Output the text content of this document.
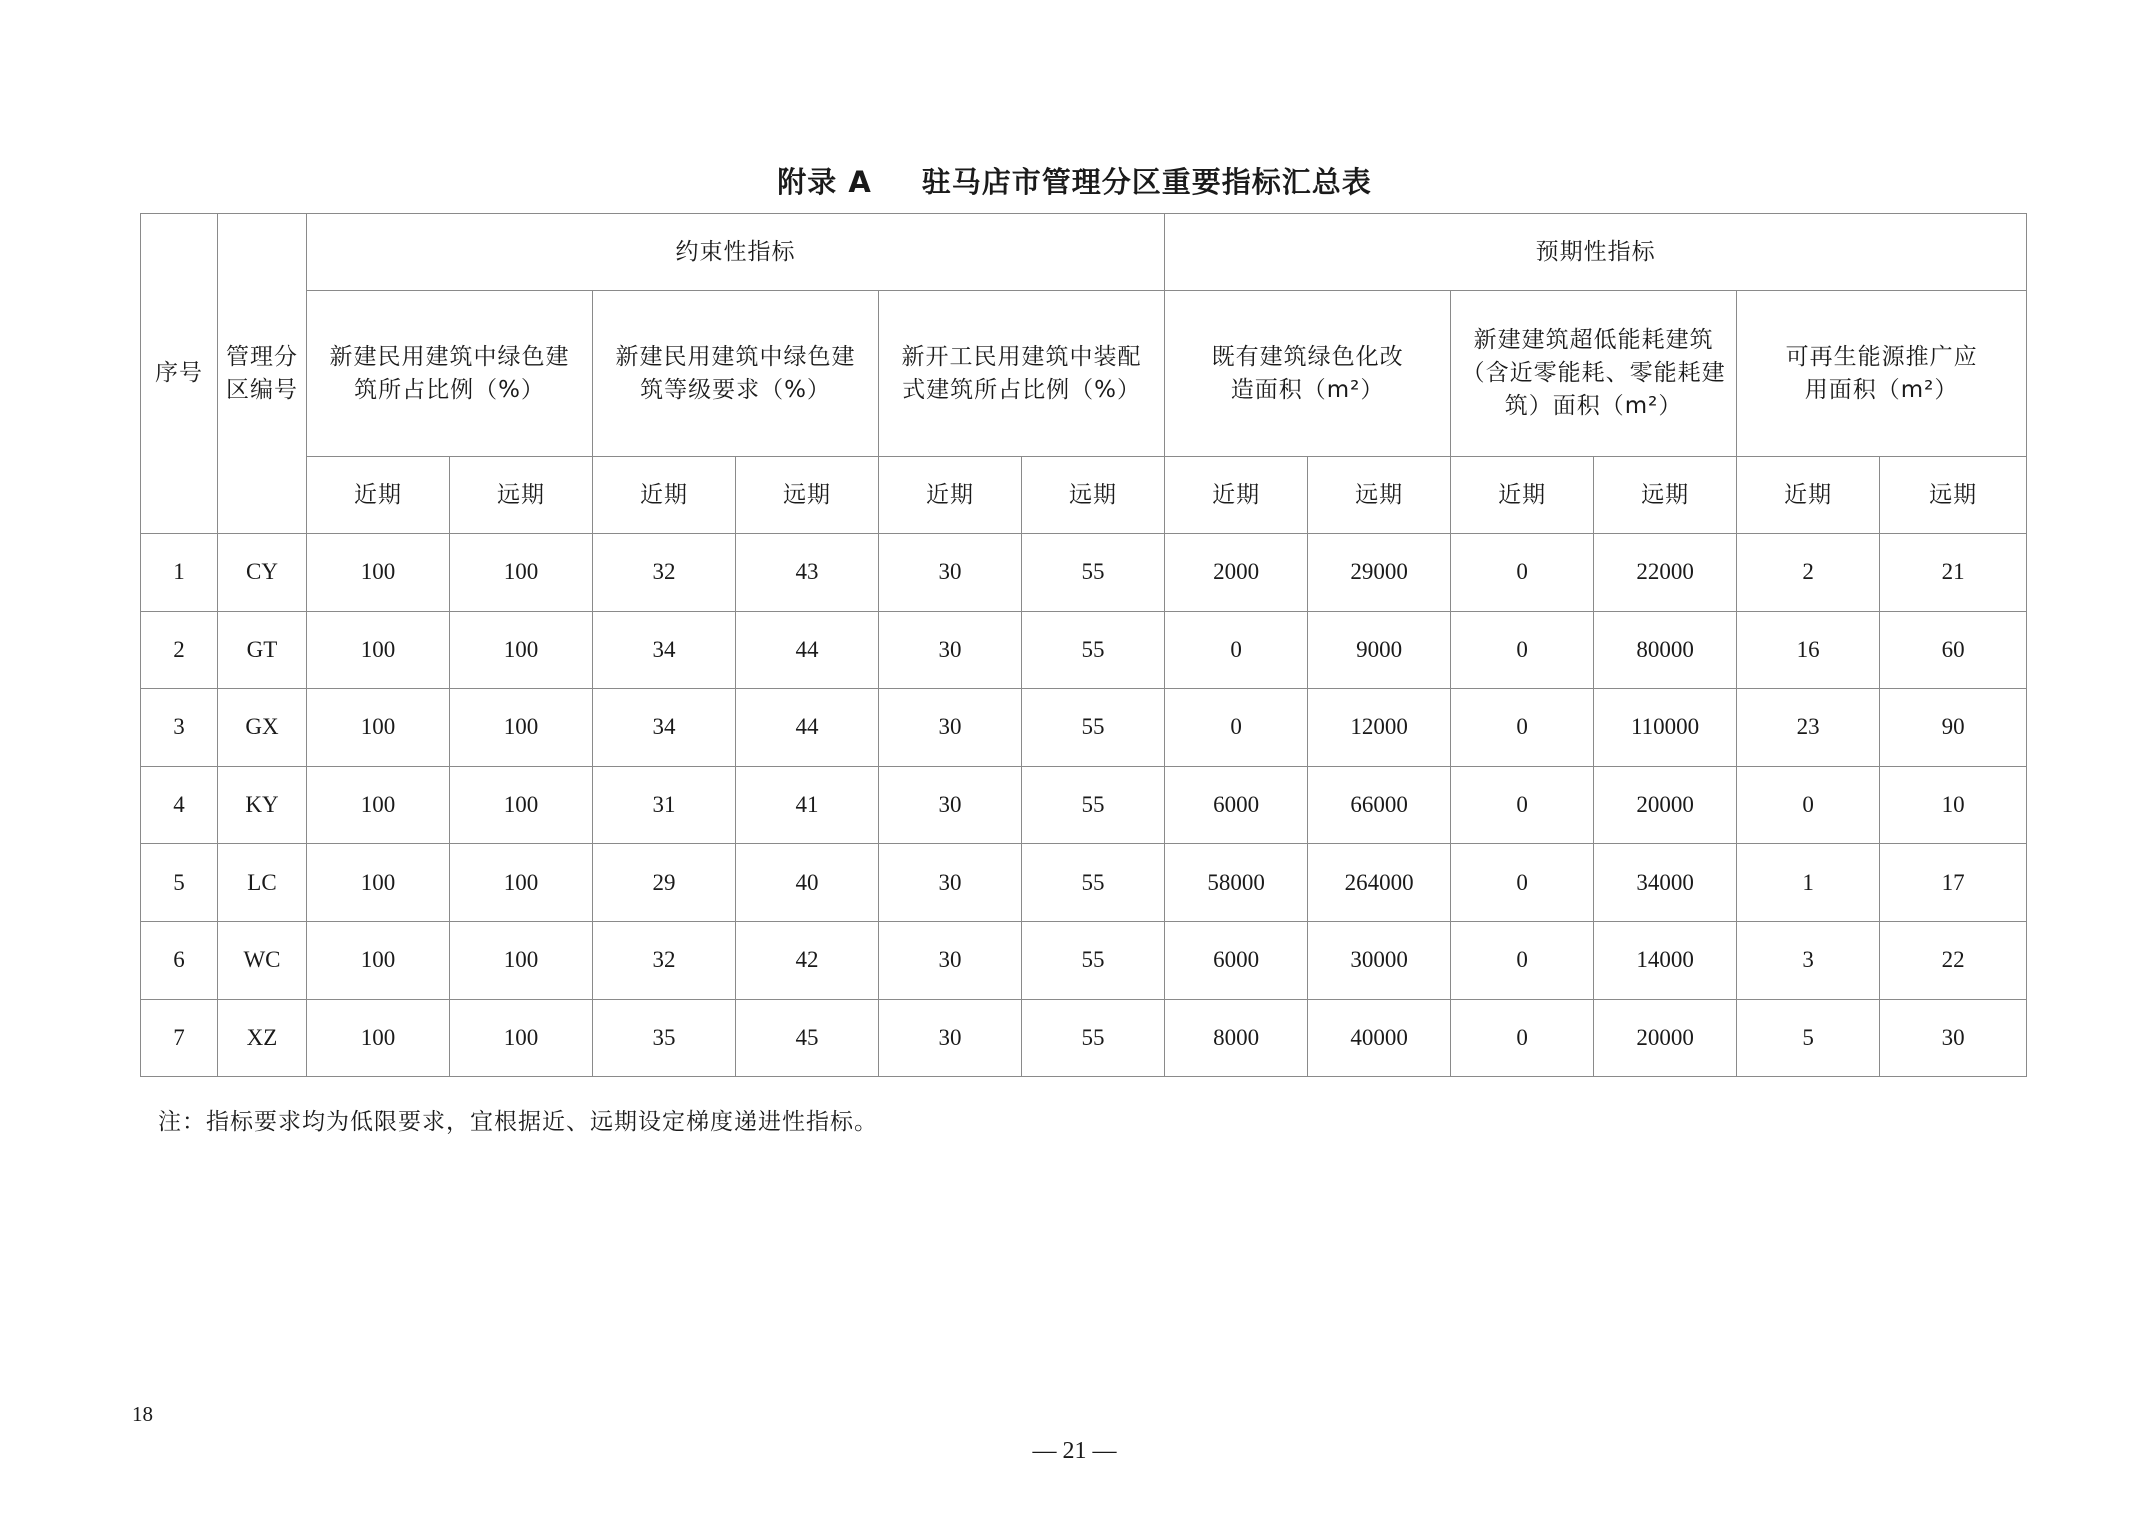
附录 A 驻马店市管理分区重要指标汇总表
序号	管理分区编号	约束性指标						预期性指标					
		新建民用建筑中绿色建筑所占比例（%）		新建民用建筑中绿色建筑等级要求（%）		新开工民用建筑中装配式建筑所占比例（%）		既有建筑绿色化改造面积（m²）		新建建筑超低能耗建筑（含近零能耗、零能耗建筑）面积（m²）		可再生能源推广应用面积（m²）	
		近期	远期	近期	远期	近期	远期	近期	远期	近期	远期	近期	远期
1	CY	100	100	32	43	30	55	2000	29000	0	22000	2	21
2	GT	100	100	34	44	30	55	0	9000	0	80000	16	60
3	GX	100	100	34	44	30	55	0	12000	0	110000	23	90
4	KY	100	100	31	41	30	55	6000	66000	0	20000	0	10
5	LC	100	100	29	40	30	55	58000	264000	0	34000	1	17
6	WC	100	100	32	42	30	55	6000	30000	0	14000	3	22
7	XZ	100	100	35	45	30	55	8000	40000	0	20000	5	30
注：指标要求均为低限要求，宜根据近、远期设定梯度递进性指标。
18
— 21 —
